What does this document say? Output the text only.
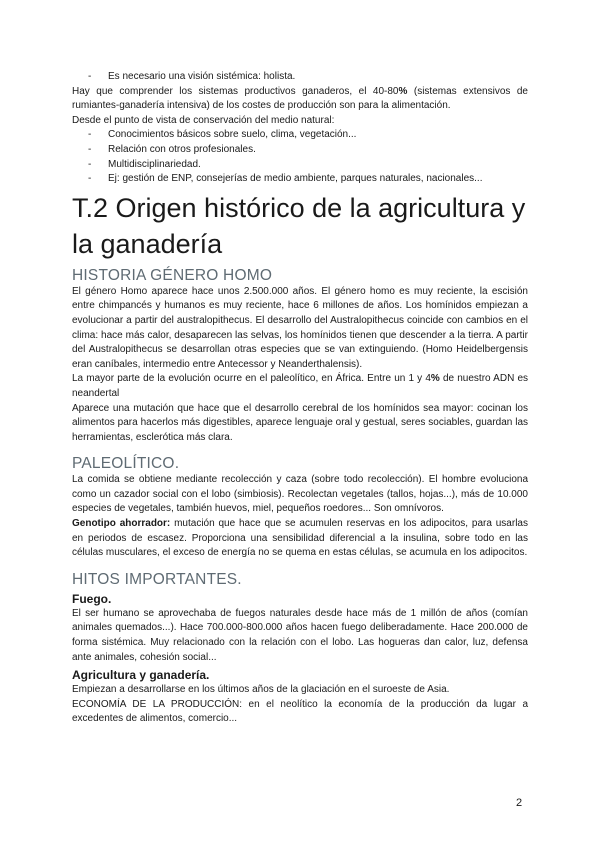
- Es necesario una visión sistémica: holista.

Hay que comprender los sistemas productivos ganaderos, el 40-80% (sistemas extensivos de rumiantes-ganadería intensiva) de los costes de producción son para la alimentación.

Desde el punto de vista de conservación del medio natural:

- Conocimientos básicos sobre suelo, clima, vegetación...
- Relación con otros profesionales.
- Multidisciplinariedad.
- Ej: gestión de ENP, consejerías de medio ambiente, parques naturales, nacionales...
T.2 Origen histórico de la agricultura y la ganadería
HISTORIA GÉNERO HOMO

El género Homo aparece hace unos 2.500.000 años. El género homo es muy reciente, la escisión entre chimpancés y humanos es muy reciente, hace 6 millones de años. Los homínidos empiezan a evolucionar a partir del australopithecus. El desarrollo del Australopithecus coincide con cambios en el clima: hace más calor, desaparecen las selvas, los homínidos tienen que descender a la tierra. A partir del Australopithecus se desarrollan otras especies que se van extinguiendo. (Homo Heidelbergensis eran caníbales, intermedio entre Antecessor y Neanderthalensis).

La mayor parte de la evolución ocurre en el paleolítico, en África. Entre un 1 y 4% de nuestro ADN es neandertal

Aparece una mutación que hace que el desarrollo cerebral de los homínidos sea mayor: cocinan los alimentos para hacerlos más digestibles, aparece lenguaje oral y gestual, seres sociables, guardan las herramientas, esclerótica más clara.

PALEOLÍTICO.

La comida se obtiene mediante recolección y caza (sobre todo recolección). El hombre evoluciona como un cazador social con el lobo (simbiosis). Recolectan vegetales (tallos, hojas...), más de 10.000 especies de vegetales, también huevos, miel, pequeños roedores... Son omnívoros.

Genotipo ahorrador: mutación que hace que se acumulen reservas en los adipocitos, para usarlas en periodos de escasez. Proporciona una sensibilidad diferencial a la insulina, sobre todo en las células musculares, el exceso de energía no se quema en estas células, se acumula en los adipocitos.

HITOS IMPORTANTES.
Fuego.

El ser humano se aprovechaba de fuegos naturales desde hace más de 1 millón de años (comían animales quemados...). Hace 700.000-800.000 años hacen fuego deliberadamente. Hace 200.000 de forma sistémica. Muy relacionado con la relación con el lobo. Las hogueras dan calor, luz, defensa ante animales, cohesión social...

Agricultura y ganadería.

Empiezan a desarrollarse en los últimos años de la glaciación en el suroeste de Asia.

ECONOMÍA DE LA PRODUCCIÓN: en el neolítico la economía de la producción da lugar a excedentes de alimentos, comercio...

2
